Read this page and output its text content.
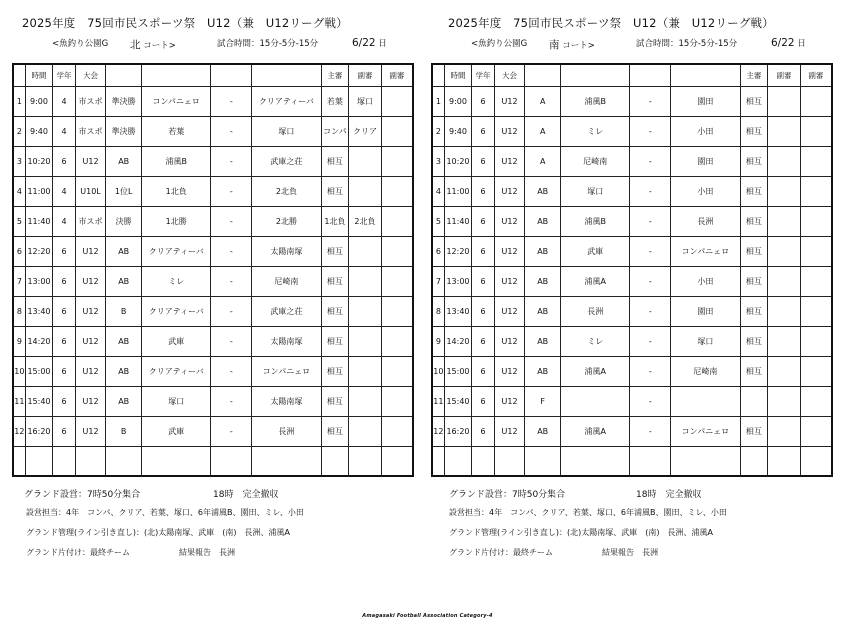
2025年度　75回市民スポーツ祭　U12（兼　U12リーグ戦）
<魚釣り公園G 北 コート>	試合時間：15分-5分-15分	6/22 日
	時間	学年	大会					主審	副審	副審
1	9:00	4	市スポ	準決勝	コンパニェロ	-	クリアティーバ	若葉	塚口	
2	9:40	4	市スポ	準決勝	若葉	-	塚口	コンパ	クリア	
3	10:20	6	U12	AB	浦風B	-	武庫之荘	相互		
4	11:00	4	U10L	1位L	1北負	-	2北負	相互		
5	11:40	4	市スポ	決勝	1北勝	-	2北勝	1北負	2北負	
6	12:20	6	U12	AB	クリアティーバ	-	太陽南塚	相互		
7	13:00	6	U12	AB	ミレ	-	尼崎南	相互		
8	13:40	6	U12	B	クリアティーバ	-	武庫之荘	相互		
9	14:20	6	U12	AB	武庫	-	太陽南塚	相互		
10	15:00	6	U12	AB	クリアティーバ	-	コンパニェロ	相互		
11	15:40	6	U12	AB	塚口	-	太陽南塚	相互		
12	16:20	6	U12	B	武庫	-	長洲	相互		

グランド設営：7時50分集合	18時　完全撤収
設営担当：4年　コンパ、クリア、若葉、塚口、6年浦風B、園田、ミレ、小田
グランド管理(ライン引き直し)：(北)太陽南塚、武庫　(南)　長洲、浦風A
グランド片付け：最終チーム	結果報告　長洲
2025年度　75回市民スポーツ祭　U12（兼　U12リーグ戦）
<魚釣り公園G 南 コート>	試合時間：15分-5分-15分	6/22 日
	時間	学年	大会					主審	副審	副審
1	9:00	6	U12	A	浦風B	-	園田	相互		
2	9:40	6	U12	A	ミレ	-	小田	相互		
3	10:20	6	U12	A	尼崎南	-	園田	相互		
4	11:00	6	U12	AB	塚口	-	小田	相互		
5	11:40	6	U12	AB	浦風B	-	長洲	相互		
6	12:20	6	U12	AB	武庫	-	コンパニェロ	相互		
7	13:00	6	U12	AB	浦風A	-	小田	相互		
8	13:40	6	U12	AB	長洲	-	園田	相互		
9	14:20	6	U12	AB	ミレ	-	塚口	相互		
10	15:00	6	U12	AB	浦風A	-	尼崎南	相互		
11	15:40	6	U12	F		-				
12	16:20	6	U12	AB	浦風A	-	コンパニェロ	相互		

グランド設営：7時50分集合	18時　完全撤収
設営担当：4年　コンパ、クリア、若葉、塚口、6年浦風B、園田、ミレ、小田
グランド管理(ライン引き直し)：(北)太陽南塚、武庫　(南)　長洲、浦風A
グランド片付け：最終チーム	結果報告　長洲
Amagasaki Football Association Category-4
